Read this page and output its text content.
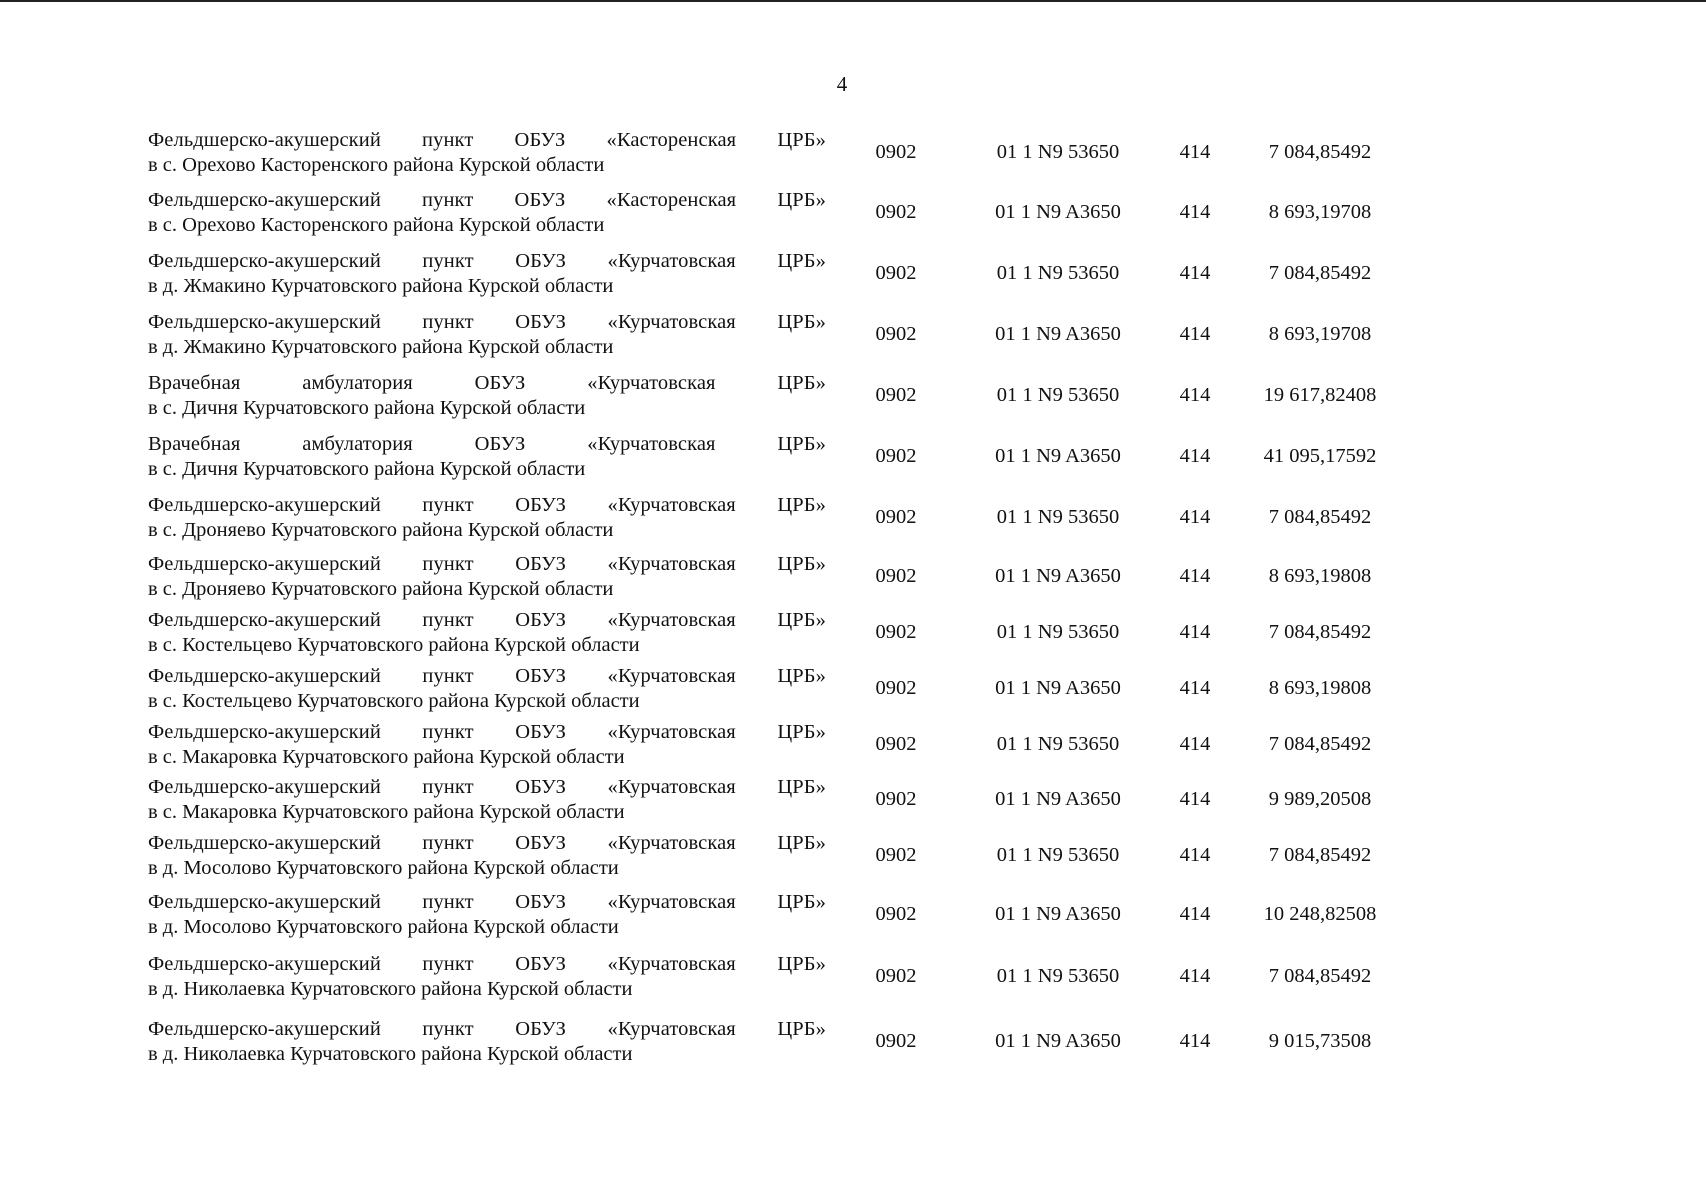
4
Фельдшерско-акушерский пункт ОБУЗ «Касторенская ЦРБ»
в с. Орехово Касторенского района Курской области
0902	01 1 N9 53650	414	7 084,85492
Фельдшерско-акушерский пункт ОБУЗ «Касторенская ЦРБ»
в с. Орехово Касторенского района Курской области
0902	01 1 N9 A3650	414	8 693,19708
Фельдшерско-акушерский пункт ОБУЗ «Курчатовская ЦРБ»
в д. Жмакино Курчатовского района Курской области
0902	01 1 N9 53650	414	7 084,85492
Фельдшерско-акушерский пункт ОБУЗ «Курчатовская ЦРБ»
в д. Жмакино Курчатовского района Курской области
0902	01 1 N9 A3650	414	8 693,19708
Врачебная	амбулатория	ОБУЗ	«Курчатовская	ЦРБ»
в с. Дичня Курчатовского района Курской области
0902	01 1 N9 53650	414	19 617,82408
Врачебная	амбулатория	ОБУЗ	«Курчатовская	ЦРБ»
в с. Дичня Курчатовского района Курской области
0902	01 1 N9 A3650	414	41 095,17592
Фельдшерско-акушерский пункт ОБУЗ «Курчатовская ЦРБ»
в с. Дроняево Курчатовского района Курской области
0902	01 1 N9 53650	414	7 084,85492
Фельдшерско-акушерский пункт ОБУЗ «Курчатовская ЦРБ»
в с. Дроняево Курчатовского района Курской области
0902	01 1 N9 A3650	414	8 693,19808
Фельдшерско-акушерский пункт ОБУЗ «Курчатовская ЦРБ»
в с. Костельцево Курчатовского района Курской области
0902	01 1 N9 53650	414	7 084,85492
Фельдшерско-акушерский пункт ОБУЗ «Курчатовская ЦРБ»
в с. Костельцево Курчатовского района Курской области
0902	01 1 N9 A3650	414	8 693,19808
Фельдшерско-акушерский пункт ОБУЗ «Курчатовская ЦРБ»
в с. Макаровка Курчатовского района Курской области
0902	01 1 N9 53650	414	7 084,85492
Фельдшерско-акушерский пункт ОБУЗ «Курчатовская ЦРБ»
в с. Макаровка Курчатовского района Курской области
0902	01 1 N9 A3650	414	9 989,20508
Фельдшерско-акушерский пункт ОБУЗ «Курчатовская ЦРБ»
в д. Мосолово Курчатовского района Курской области
0902	01 1 N9 53650	414	7 084,85492
Фельдшерско-акушерский пункт ОБУЗ «Курчатовская ЦРБ»
в д. Мосолово Курчатовского района Курской области
0902	01 1 N9 A3650	414	10 248,82508
Фельдшерско-акушерский пункт ОБУЗ «Курчатовская ЦРБ»
в д. Николаевка Курчатовского района Курской области
0902	01 1 N9 53650	414	7 084,85492
Фельдшерско-акушерский пункт ОБУЗ «Курчатовская ЦРБ»
в д. Николаевка Курчатовского района Курской области
0902	01 1 N9 A3650	414	9 015,73508
